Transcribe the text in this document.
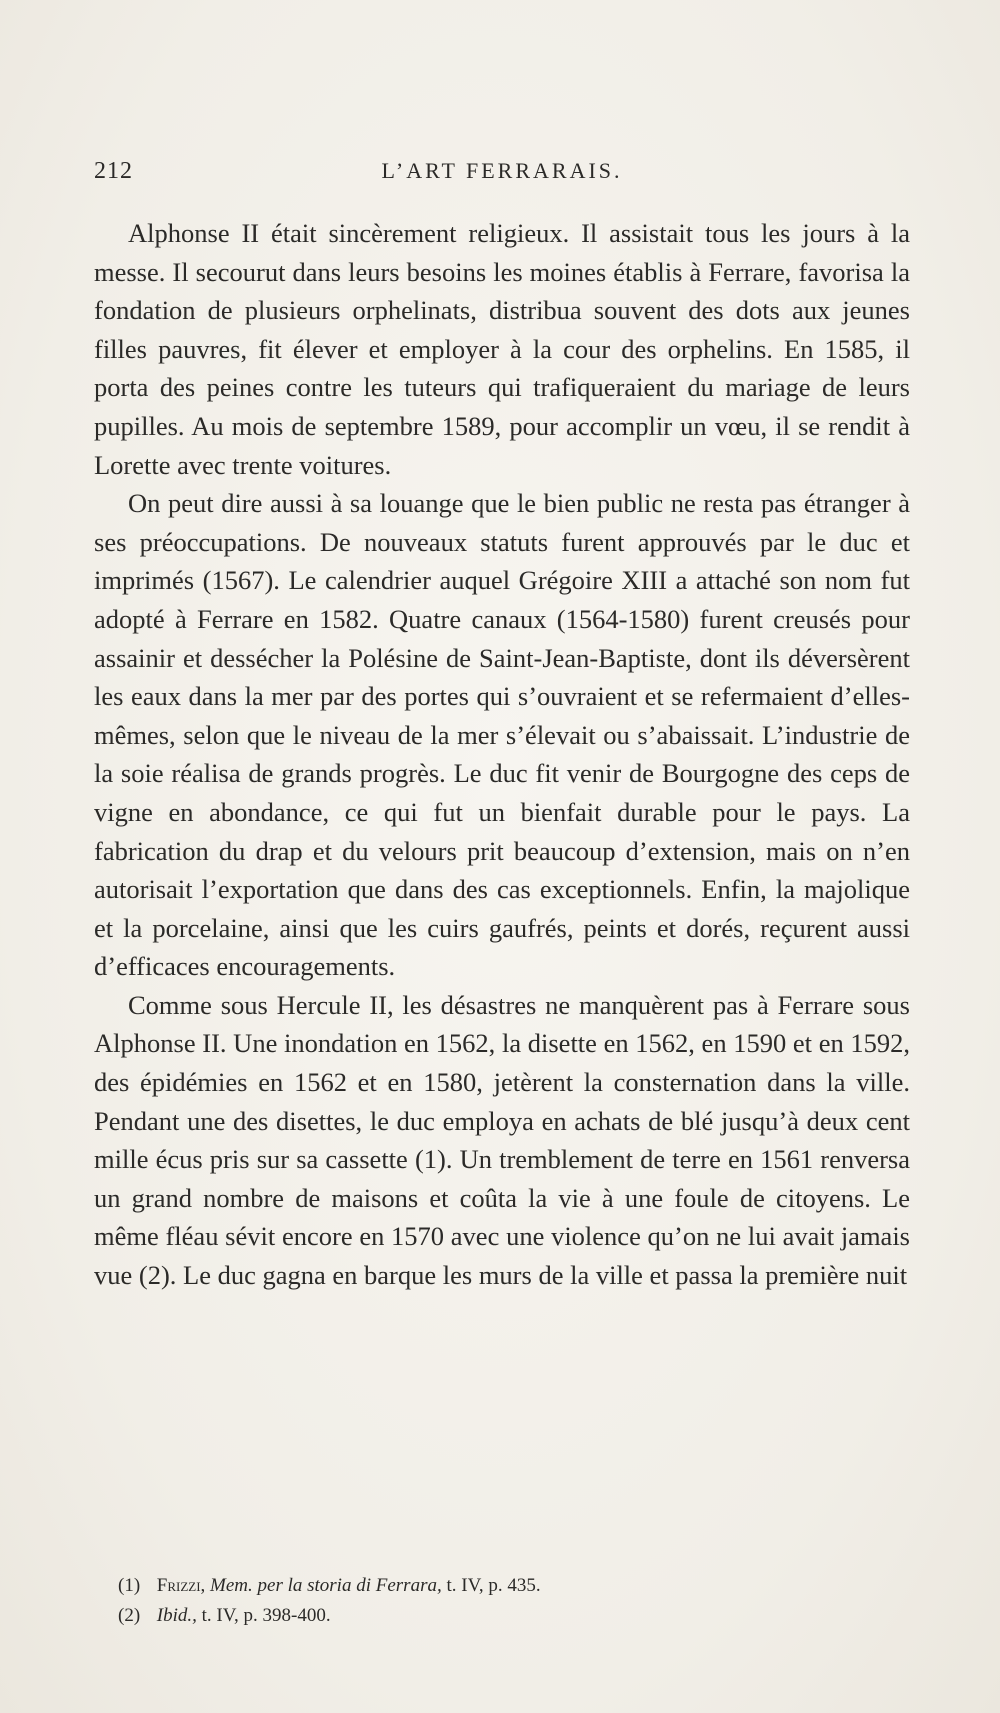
212	L’ART FERRARAIS.

Alphonse II était sincèrement religieux. Il assistait tous les jours à la messe. Il secourut dans leurs besoins les moines établis à Ferrare, favorisa la fondation de plusieurs orphelinats, distribua souvent des dots aux jeunes filles pauvres, fit élever et employer à la cour des orphelins. En 1585, il porta des peines contre les tuteurs qui trafiqueraient du mariage de leurs pupilles. Au mois de septembre 1589, pour accomplir un vœu, il se rendit à Lorette avec trente voitures.

On peut dire aussi à sa louange que le bien public ne resta pas étranger à ses préoccupations. De nouveaux statuts furent approuvés par le duc et imprimés (1567). Le calendrier auquel Grégoire XIII a attaché son nom fut adopté à Ferrare en 1582. Quatre canaux (1564-1580) furent creusés pour assainir et dessécher la Polésine de Saint-Jean-Baptiste, dont ils déversèrent les eaux dans la mer par des portes qui s’ouvraient et se refermaient d’elles-mêmes, selon que le niveau de la mer s’élevait ou s’abaissait. L’industrie de la soie réalisa de grands progrès. Le duc fit venir de Bourgogne des ceps de vigne en abondance, ce qui fut un bienfait durable pour le pays. La fabrication du drap et du velours prit beaucoup d’extension, mais on n’en autorisait l’exportation que dans des cas exceptionnels. Enfin, la majolique et la porcelaine, ainsi que les cuirs gaufrés, peints et dorés, reçurent aussi d’efficaces encouragements.

Comme sous Hercule II, les désastres ne manquèrent pas à Ferrare sous Alphonse II. Une inondation en 1562, la disette en 1562, en 1590 et en 1592, des épidémies en 1562 et en 1580, jetèrent la consternation dans la ville. Pendant une des disettes, le duc employa en achats de blé jusqu’à deux cent mille écus pris sur sa cassette (1). Un tremblement de terre en 1561 renversa un grand nombre de maisons et coûta la vie à une foule de citoyens. Le même fléau sévit encore en 1570 avec une violence qu’on ne lui avait jamais vue (2). Le duc gagna en barque les murs de la ville et passa la première nuit

(1) Frizzi, Mem. per la storia di Ferrara, t. IV, p. 435.
(2) Ibid., t. IV, p. 398-400.
